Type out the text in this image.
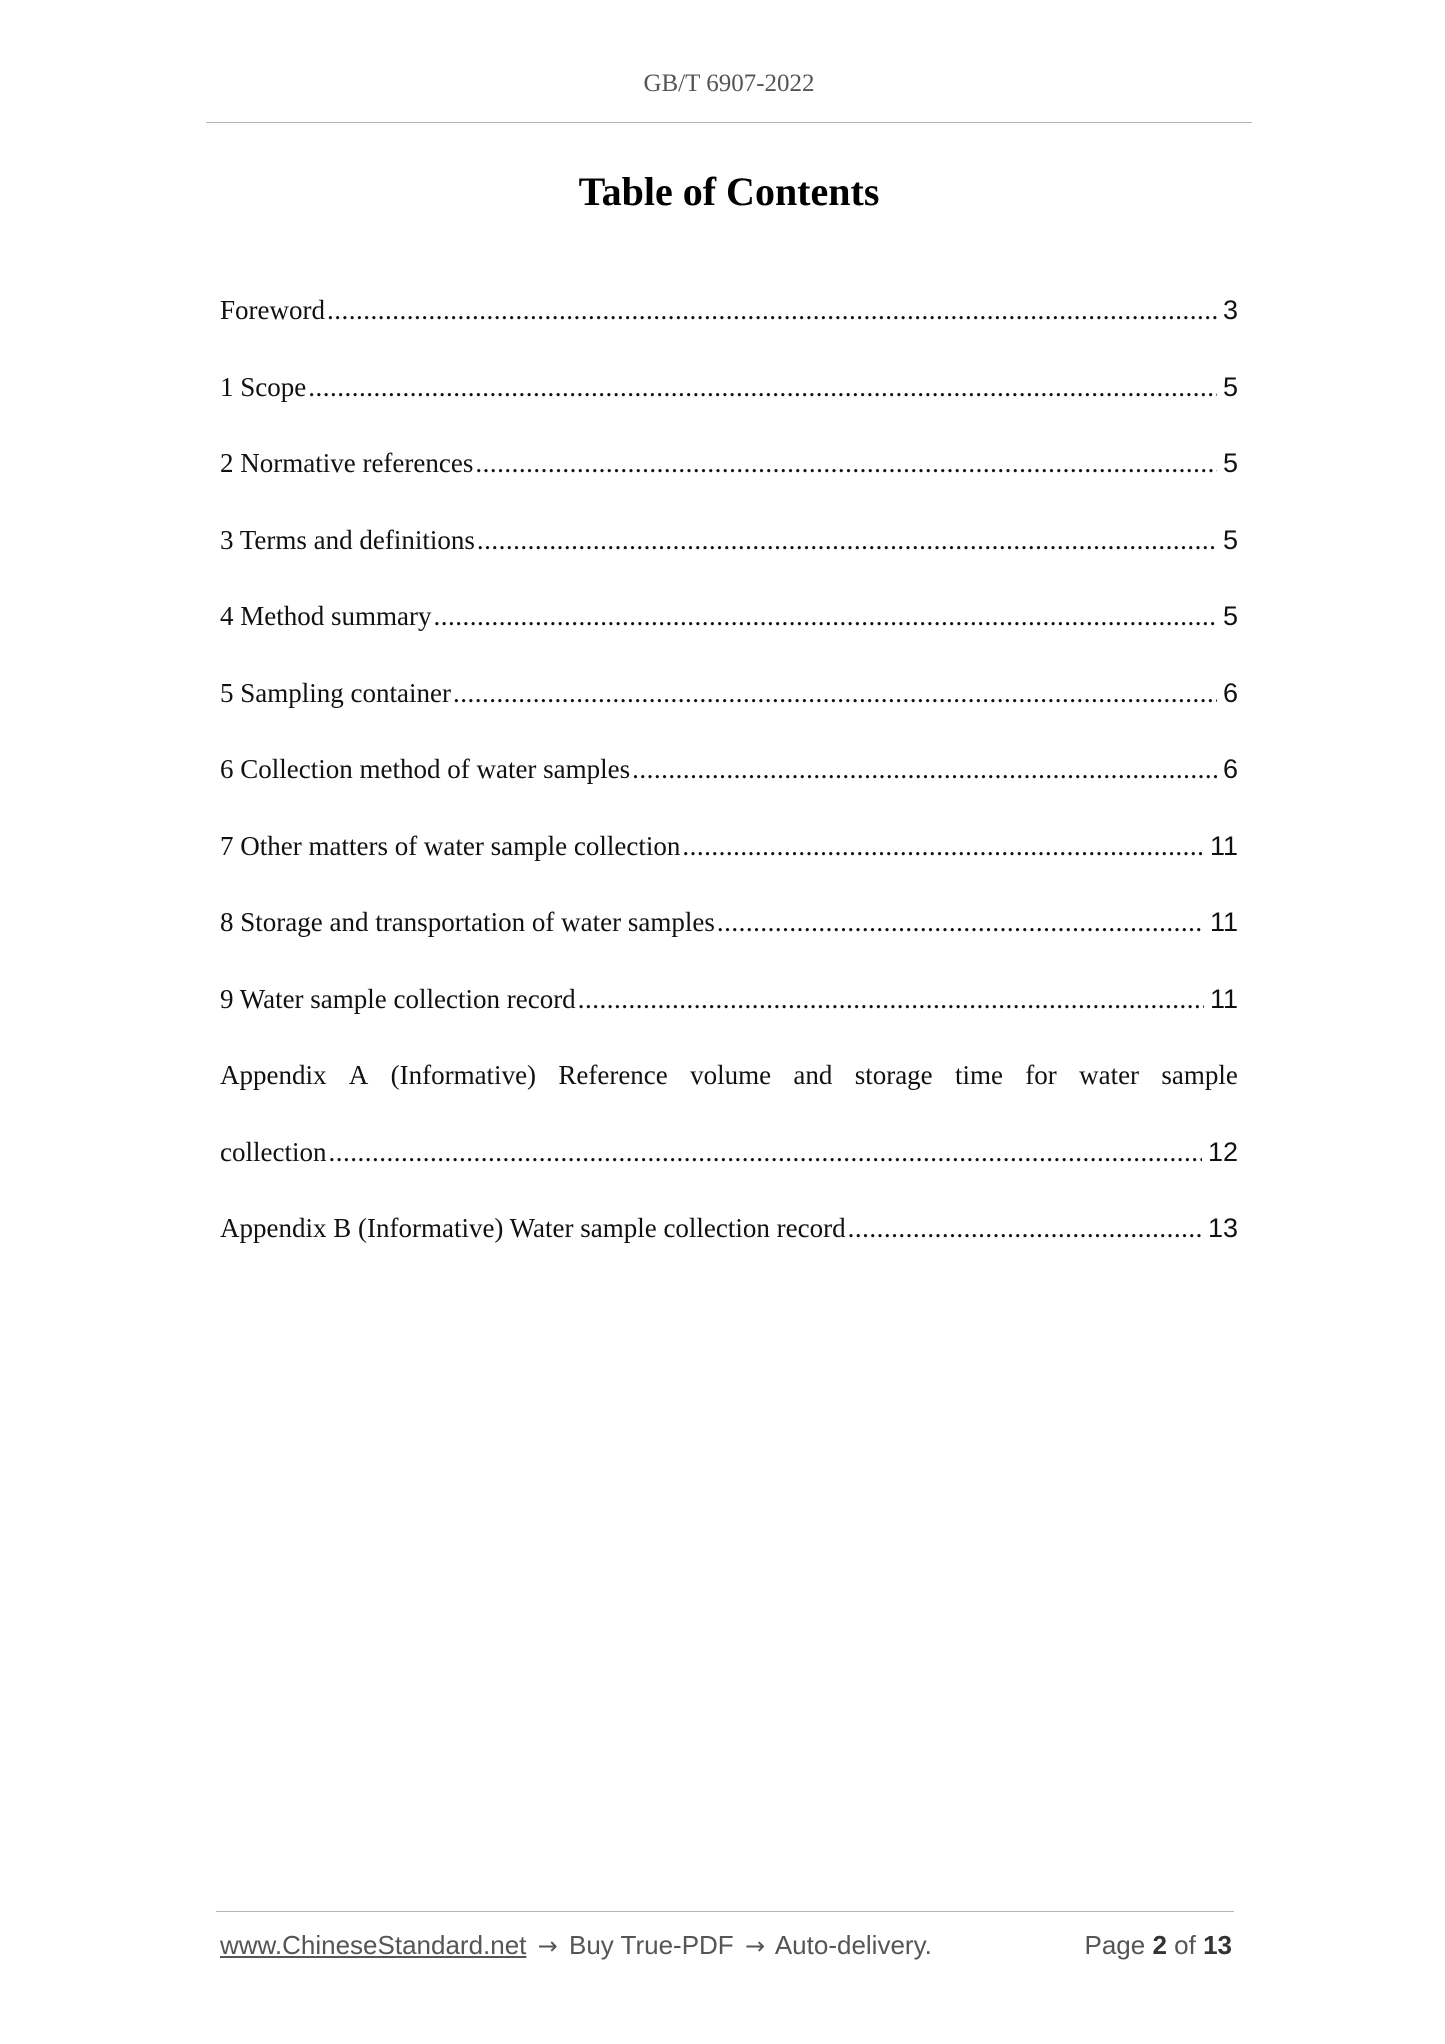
GB/T 6907-2022
Table of Contents
Foreword .....	3
1 Scope .....	5
2 Normative references .....	5
3 Terms and definitions .....	5
4 Method summary .....	5
5 Sampling container .....	6
6 Collection method of water samples .....	6
7 Other matters of water sample collection .....	11
8 Storage and transportation of water samples .....	11
9 Water sample collection record .....	11
Appendix A (Informative) Reference volume and storage time for water sample
collection .....	12
Appendix B (Informative) Water sample collection record .....	13
www.ChineseStandard.net → Buy True-PDF → Auto-delivery.	Page 2 of 13
